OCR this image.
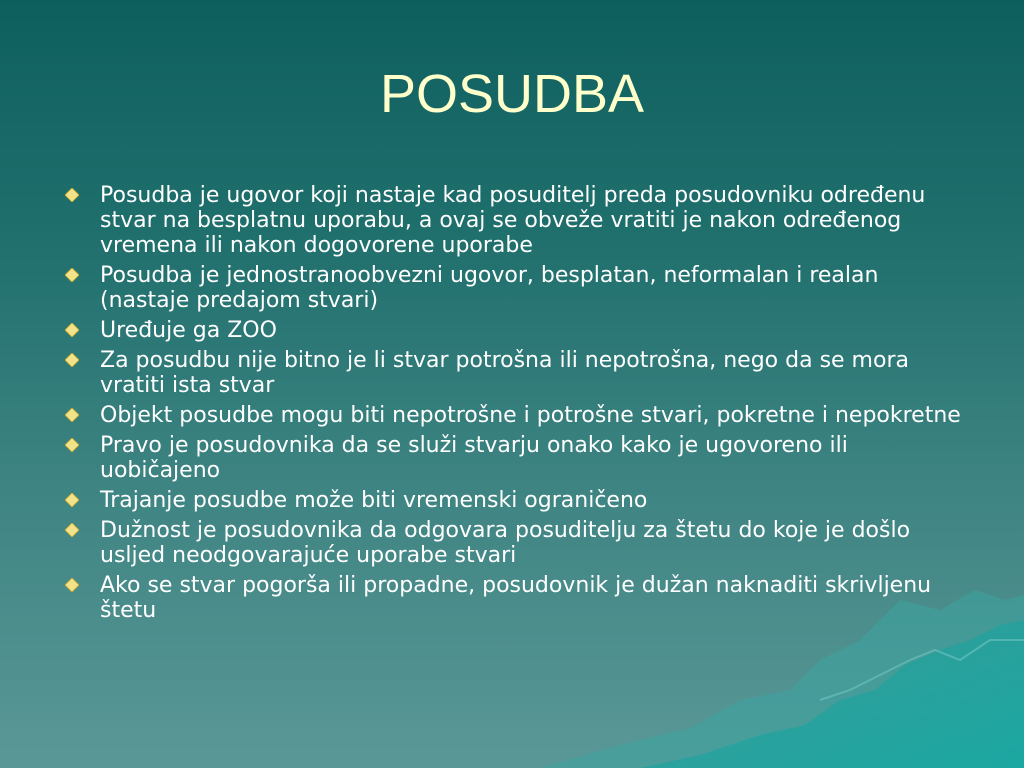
POSUDBA
Posudba je ugovor koji nastaje kad posuditelj preda posudovniku određenu stvar na besplatnu uporabu, a ovaj se obveže vratiti je nakon određenog vremena ili nakon dogovorene uporabe
Posudba je jednostranoobvezni ugovor, besplatan, neformalan i realan (nastaje predajom stvari)
Uređuje ga ZOO
Za posudbu nije bitno je li stvar potrošna ili nepotrošna, nego da se mora vratiti ista stvar
Objekt posudbe mogu biti nepotrošne i potrošne stvari, pokretne i nepokretne
Pravo je posudovnika da se služi stvarju onako kako je ugovoreno ili uobičajeno
Trajanje posudbe može biti vremenski ograničeno
Dužnost je posudovnika da odgovara posuditelju za štetu do koje je došlo usljed neodgovarajuće uporabe stvari
Ako se stvar pogorša ili propadne, posudovnik je dužan naknaditi skrivljenu štetu
